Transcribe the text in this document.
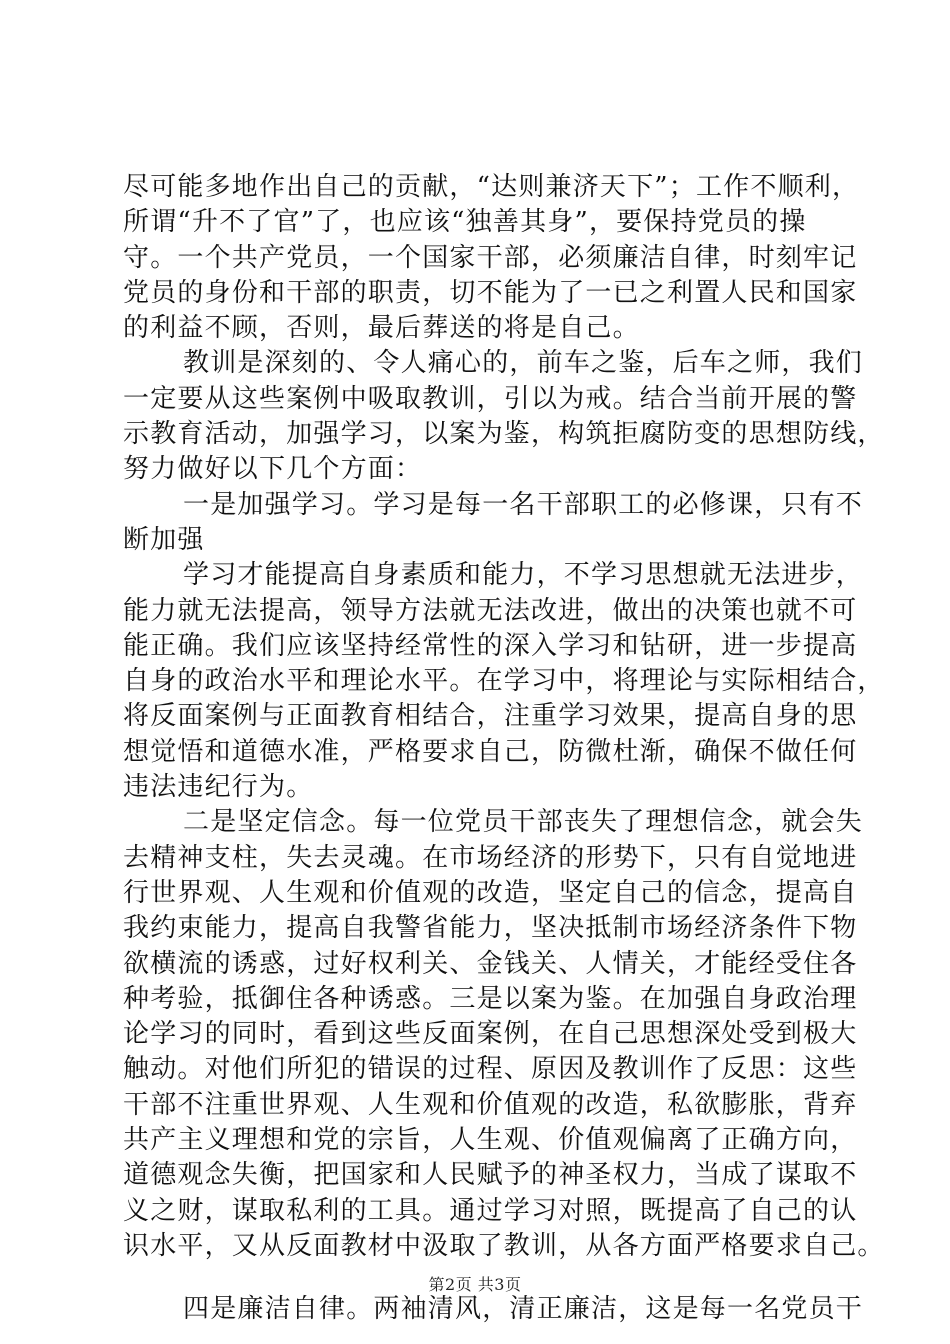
尽可能多地作出自己的贡献，“达则兼济天下”；工作不顺利，
所谓“升不了官”了，也应该“独善其身”，要保持党员的操
守。一个共产党员，一个国家干部，必须廉洁自律，时刻牢记
党员的身份和干部的职责，切不能为了一已之利置人民和国家
的利益不顾，否则，最后葬送的将是自己。
教训是深刻的、令人痛心的，前车之鉴，后车之师，我们
一定要从这些案例中吸取教训，引以为戒。结合当前开展的警
示教育活动，加强学习，以案为鉴，构筑拒腐防变的思想防线，
努力做好以下几个方面：
一是加强学习。学习是每一名干部职工的必修课，只有不
断加强
学习才能提高自身素质和能力，不学习思想就无法进步，
能力就无法提高，领导方法就无法改进，做出的决策也就不可
能正确。我们应该坚持经常性的深入学习和钻研，进一步提高
自身的政治水平和理论水平。在学习中，将理论与实际相结合，
将反面案例与正面教育相结合，注重学习效果，提高自身的思
想觉悟和道德水准，严格要求自己，防微杜渐，确保不做任何
违法违纪行为。
二是坚定信念。每一位党员干部丧失了理想信念，就会失
去精神支柱，失去灵魂。在市场经济的形势下，只有自觉地进
行世界观、人生观和价值观的改造，坚定自己的信念，提高自
我约束能力，提高自我警省能力，坚决抵制市场经济条件下物
欲横流的诱惑，过好权利关、金钱关、人情关，才能经受住各
种考验，抵御住各种诱惑。三是以案为鉴。在加强自身政治理
论学习的同时，看到这些反面案例，在自己思想深处受到极大
触动。对他们所犯的错误的过程、原因及教训作了反思：这些
干部不注重世界观、人生观和价值观的改造，私欲膨胀，背弃
共产主义理想和党的宗旨，人生观、价值观偏离了正确方向，
道德观念失衡，把国家和人民赋予的神圣权力，当成了谋取不
义之财，谋取私利的工具。通过学习对照，既提高了自己的认
识水平，又从反面教材中汲取了教训，从各方面严格要求自己。
四是廉洁自律。两袖清风，清正廉洁，这是每一名党员干
第2页 共3页
